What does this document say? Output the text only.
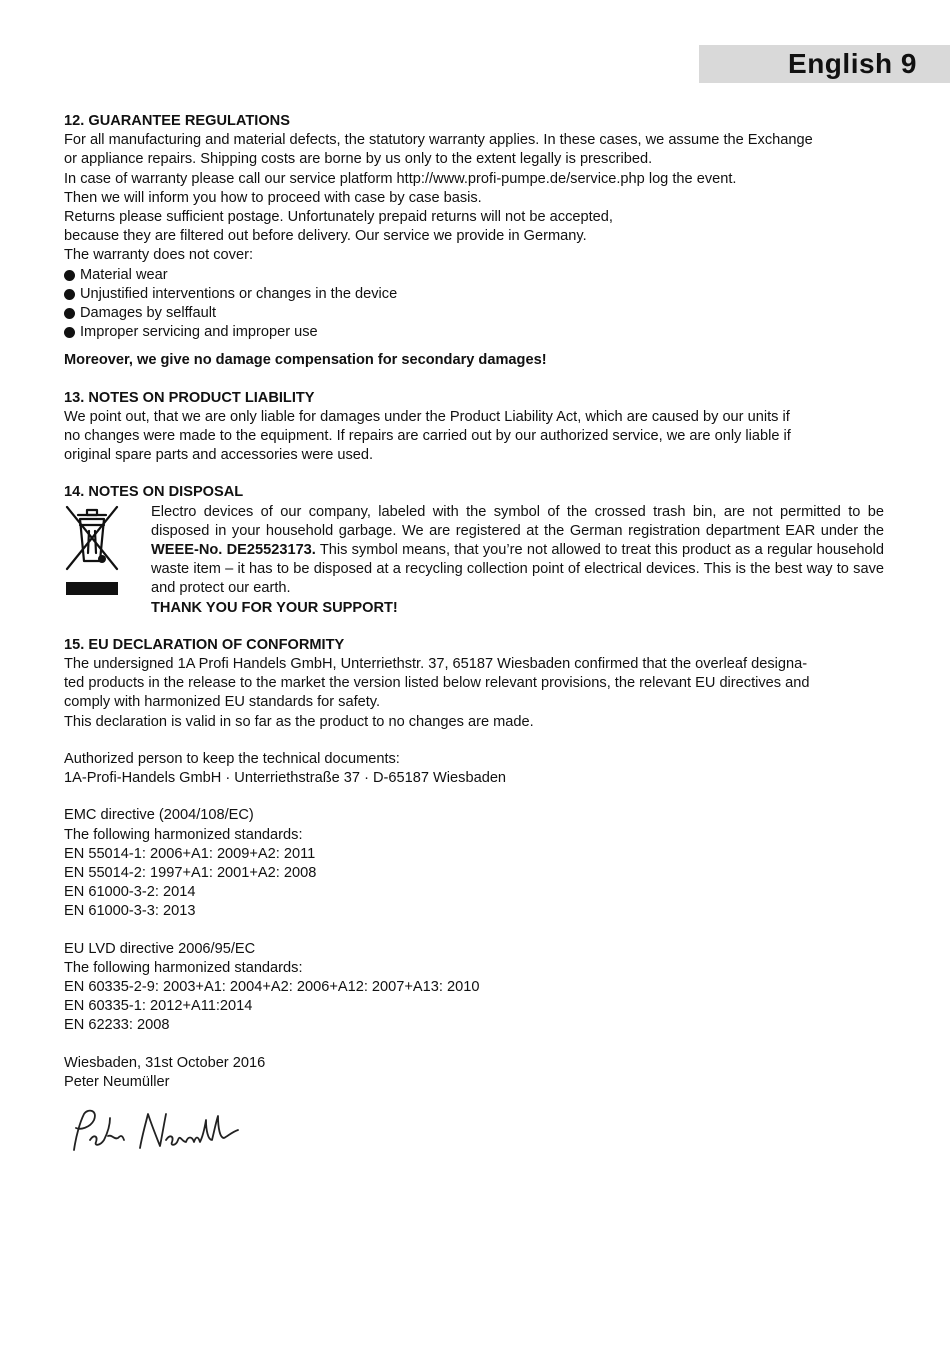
English 9

12. GUARANTEE REGULATIONS

For all manufacturing and material defects, the statutory warranty applies. In these cases, we assume the Exchange

or appliance repairs. Shipping costs are borne by us only to the extent legally is prescribed.

In case of warranty please call our service platform http://www.profi-pumpe.de/service.php log the event.

Then we will inform you how to proceed with case by case basis.

Returns please sufficient postage. Unfortunately prepaid returns will not be accepted,

because they are filtered out before delivery. Our service we provide in Germany.

The warranty does not cover:

Material wear
Unjustified interventions or changes in the device
Damages by selffault
Improper servicing and improper use

Moreover, we give no damage compensation for secondary damages!

13. NOTES ON PRODUCT LIABILITY

We point out, that we are only liable for damages under the Product Liability Act, which are caused by our units if

no changes were made to the equipment. If repairs are carried out by our authorized service, we are only liable if

original spare parts and accessories were used.

14. NOTES ON DISPOSAL

Electro devices of our company, labeled with the symbol of the crossed trash bin, are not permitted to be disposed in your household garbage. We are registered at the German registration department EAR under the WEEE-No. DE25523173. This symbol means, that you’re not allowed to treat this product as a regular household waste item – it has to be disposed at a recycling collection point of electrical devices. This is the best way to save and protect our earth.

THANK YOU FOR YOUR SUPPORT!

15. EU DECLARATION OF CONFORMITY

The undersigned 1A Profi Handels GmbH, Unterriethstr. 37, 65187 Wiesbaden confirmed that the overleaf designa-

ted products in the release to the market the version listed below relevant provisions, the relevant EU directives and

comply with harmonized EU standards for safety.

This declaration is valid in so far as the product to no changes are made.

Authorized person to keep the technical documents:

1A-Profi-Handels GmbH · Unterriethstraße 37 · D-65187 Wiesbaden

EMC directive (2004/108/EC)

The following harmonized standards:

EN 55014-1: 2006+A1: 2009+A2: 2011

EN 55014-2: 1997+A1: 2001+A2: 2008

EN 61000-3-2: 2014

EN 61000-3-3: 2013

EU LVD directive 2006/95/EC

The following harmonized standards:

EN 60335-2-9: 2003+A1: 2004+A2: 2006+A12: 2007+A13: 2010

EN 60335-1: 2012+A11:2014

EN 62233: 2008

Wiesbaden, 31st October 2016

Peter Neumüller
